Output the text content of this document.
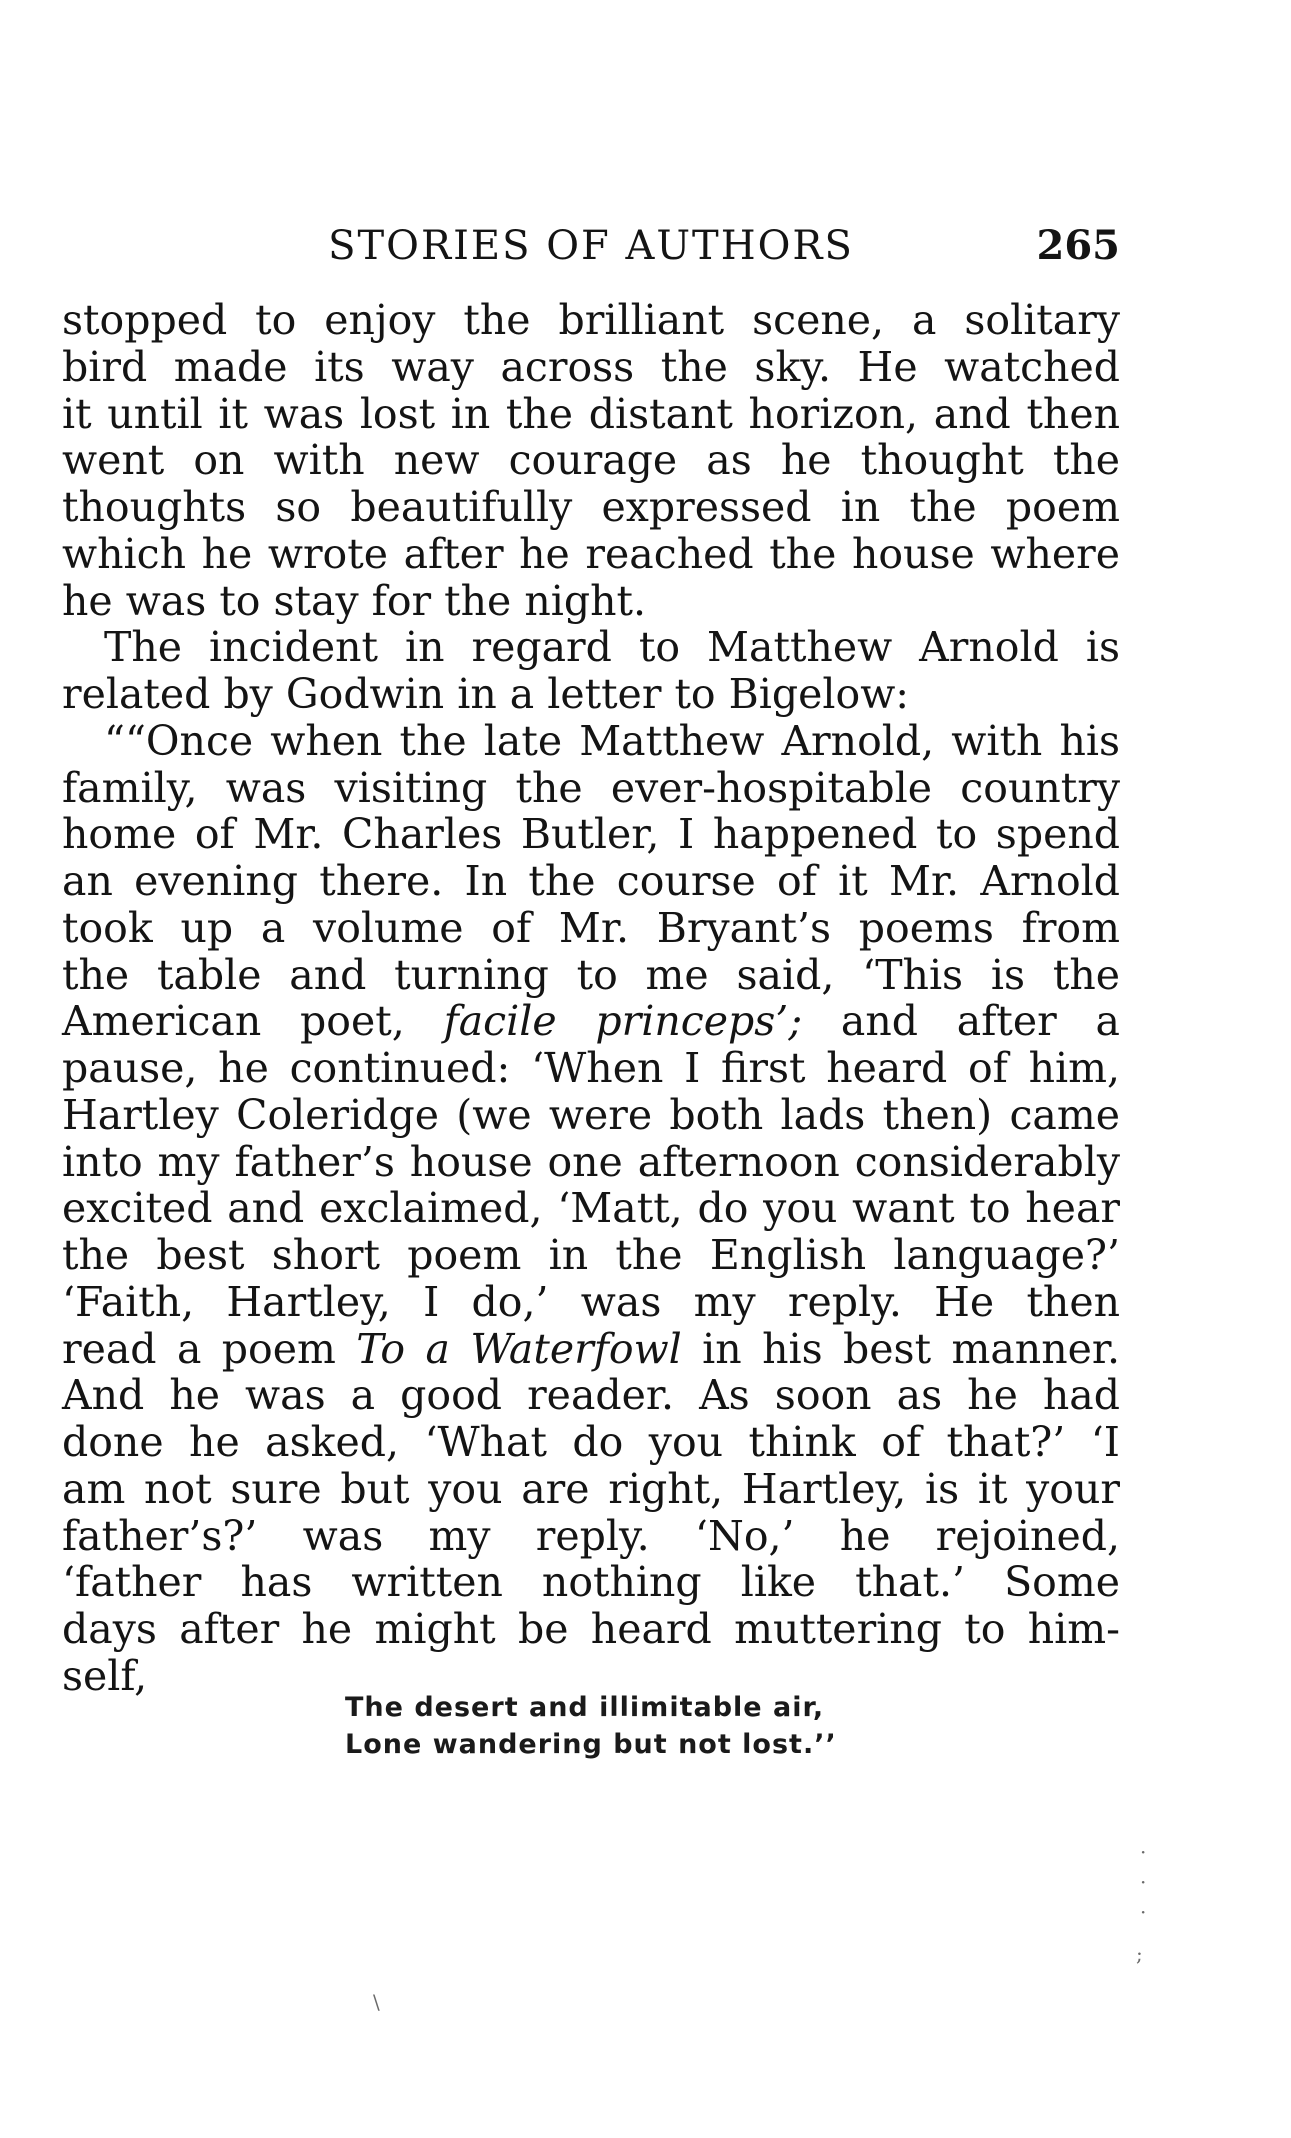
STORIES OF AUTHORS	265
stopped to enjoy the brilliant scene, a solitary
bird made its way across the sky. He watched
it until it was lost in the distant horizon, and then
went on with new courage as he thought the
thoughts so beautifully expressed in the poem
which he wrote after he reached the house where
he was to stay for the night.
The incident in regard to Matthew Arnold is
related by Godwin in a letter to Bigelow:
““Once when the late Matthew Arnold, with his
family, was visiting the ever-hospitable country
home of Mr. Charles Butler, I happened to spend
an evening there. In the course of it Mr. Arnold
took up a volume of Mr. Bryant’s poems from
the table and turning to me said, ‘This is the
American poet, facile princeps’; and after a
pause, he continued: ‘When I first heard of him,
Hartley Coleridge (we were both lads then) came
into my father’s house one afternoon considerably
excited and exclaimed, ‘Matt, do you want to hear
the best short poem in the English language?’
‘Faith, Hartley, I do,’ was my reply. He then
read a poem To a Waterfowl in his best manner.
And he was a good reader. As soon as he had
done he asked, ‘What do you think of that?’ ‘I
am not sure but you are right, Hartley, is it your
father’s?’ was my reply. ‘No,’ he rejoined,
‘father has written nothing like that.’ Some
days after he might be heard muttering to him-
self,
The desert and illimitable air,
Lone wandering but not lost.’’
·
·
·
;
\
